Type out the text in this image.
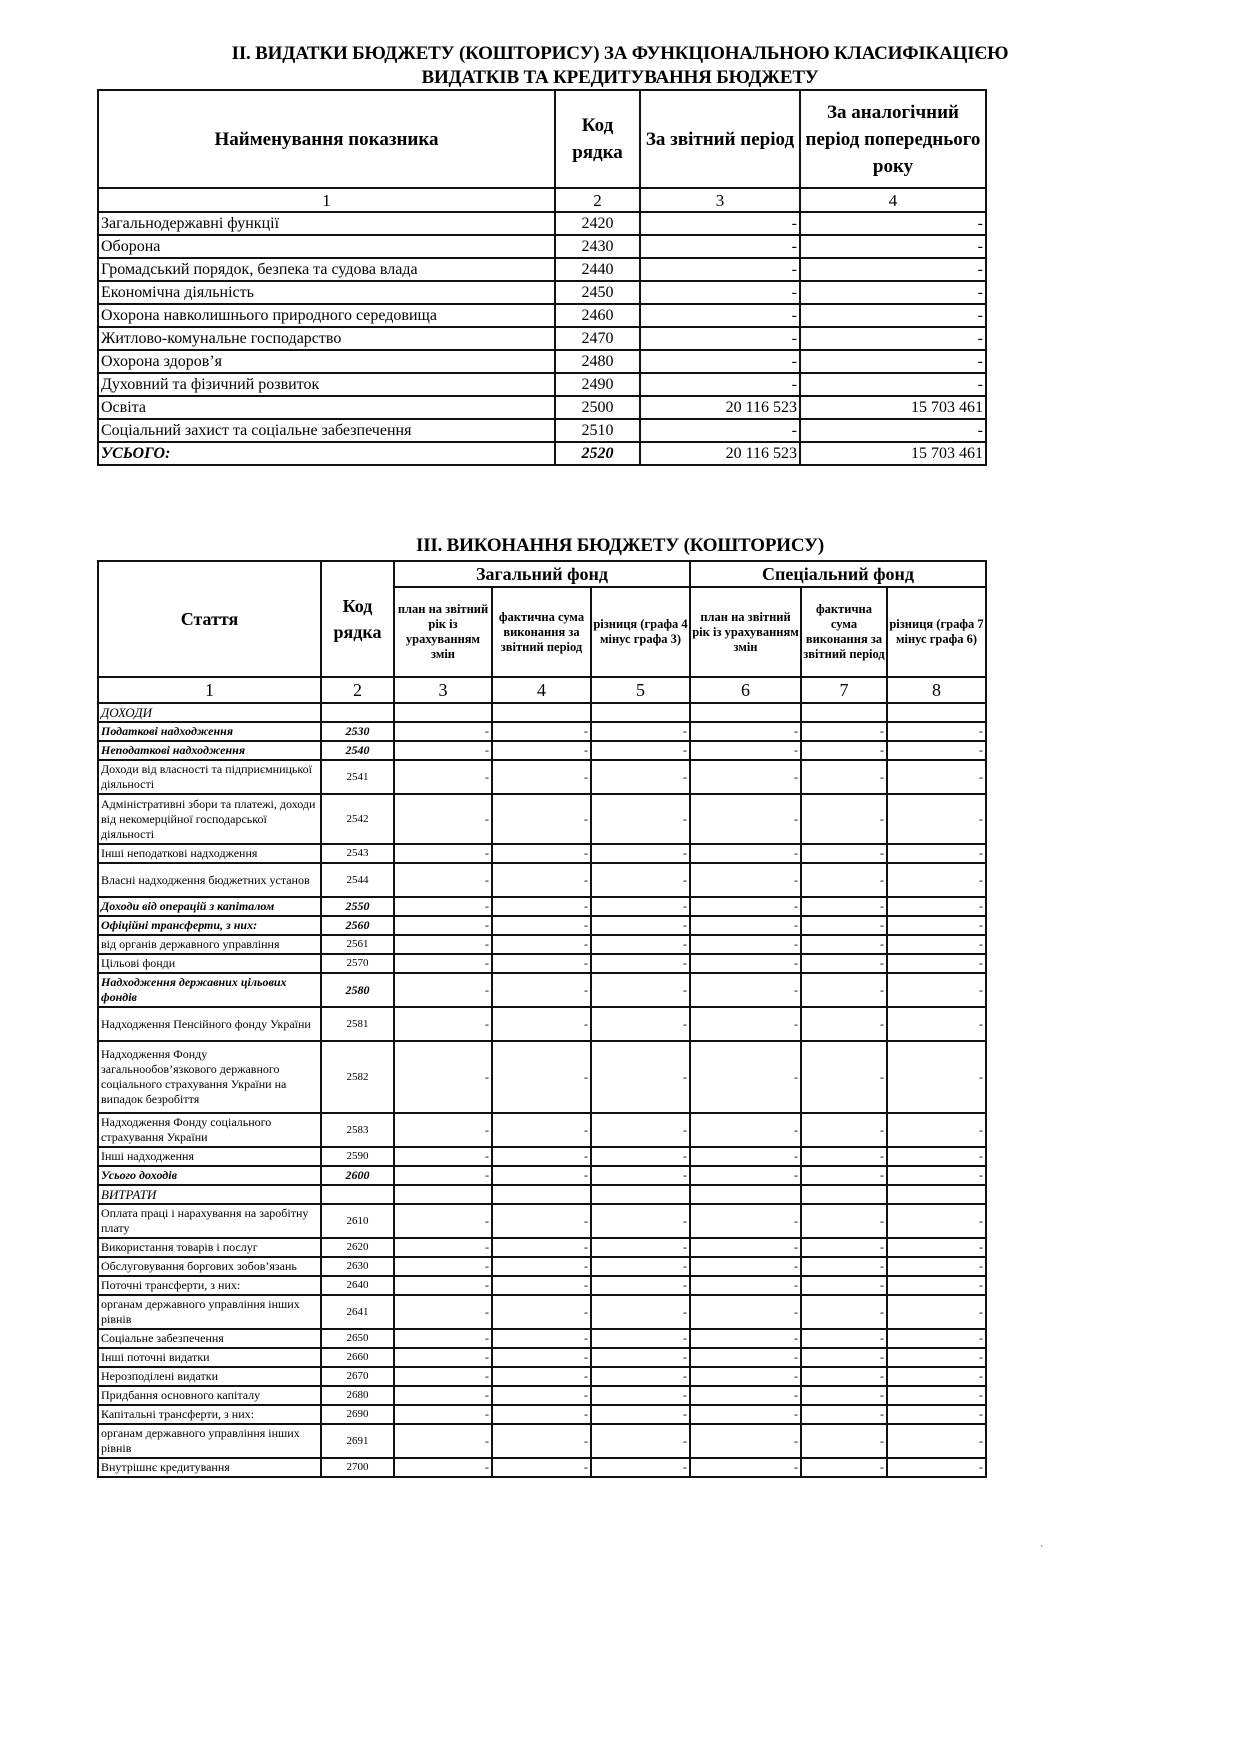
ІІ. ВИДАТКИ БЮДЖЕТУ (КОШТОРИСУ) ЗА ФУНКЦІОНАЛЬНОЮ КЛАСИФІКАЦІЄЮ
ВИДАТКІВ ТА КРЕДИТУВАННЯ БЮДЖЕТУ
Найменування показника	Код рядка	За звітний період	За аналогічний період попереднього року
1	2	3	4
Загальнодержавні функції	2420	-	-
Оборона	2430	-	-
Громадський порядок, безпека та судова влада	2440	-	-
Економічна діяльність	2450	-	-
Охорона навколишнього природного середовища	2460	-	-
Житлово-комунальне господарство	2470	-	-
Охорона здоров’я	2480	-	-
Духовний та фізичний розвиток	2490	-	-
Освіта	2500	20 116 523	15 703 461
Соціальний захист та соціальне забезпечення	2510	-	-
УСЬОГО:	2520	20 116 523	15 703 461
ІІІ. ВИКОНАННЯ БЮДЖЕТУ (КОШТОРИСУ)
Стаття	Код рядка	Загальний фонд			Спеціальний фонд		
		план на звітний рік із урахуванням змін	фактична сума виконання за звітний період	різниця (графа 4 мінус графа 3)	план на звітний рік із урахуванням змін	фактична сума виконання за звітний період	різниця (графа 7 мінус графа 6)
1	2	3	4	5	6	7	8
ДОХОДИ							
Податкові надходження	2530	-	-	-	-	-	-
Неподаткові надходження	2540	-	-	-	-	-	-
Доходи від власності та підприємницької діяльності	2541	-	-	-	-	-	-
Адміністративні збори та платежі, доходи від некомерційної господарської діяльності	2542	-	-	-	-	-	-
Інші неподаткові надходження	2543	-	-	-	-	-	-
Власні надходження бюджетних установ	2544	-	-	-	-	-	-
Доходи від операцій з капіталом	2550	-	-	-	-	-	-
Офіційні трансферти, з них:	2560	-	-	-	-	-	-
від органів державного управління	2561	-	-	-	-	-	-
Цільові фонди	2570	-	-	-	-	-	-
Надходження державних цільових фондів	2580	-	-	-	-	-	-
Надходження Пенсійного фонду України	2581	-	-	-	-	-	-
Надходження Фонду загальнообов’язкового державного соціального страхування України на випадок безробіття	2582	-	-	-	-	-	-
Надходження Фонду соціального страхування України	2583	-	-	-	-	-	-
Інші надходження	2590	-	-	-	-	-	-
Усього доходів	2600	-	-	-	-	-	-
ВИТРАТИ							
Оплата праці і нарахування на заробітну плату	2610	-	-	-	-	-	-
Використання товарів і послуг	2620	-	-	-	-	-	-
Обслуговування боргових зобов’язань	2630	-	-	-	-	-	-
Поточні трансферти, з них:	2640	-	-	-	-	-	-
органам державного управління інших рівнів	2641	-	-	-	-	-	-
Соціальне забезпечення	2650	-	-	-	-	-	-
Інші поточні видатки	2660	-	-	-	-	-	-
Нерозподілені видатки	2670	-	-	-	-	-	-
Придбання основного капіталу	2680	-	-	-	-	-	-
Капітальні трансферти, з них:	2690	-	-	-	-	-	-
органам державного управління інших рівнів	2691	-	-	-	-	-	-
Внутрішнє кредитування	2700	-	-	-	-	-	-
`
